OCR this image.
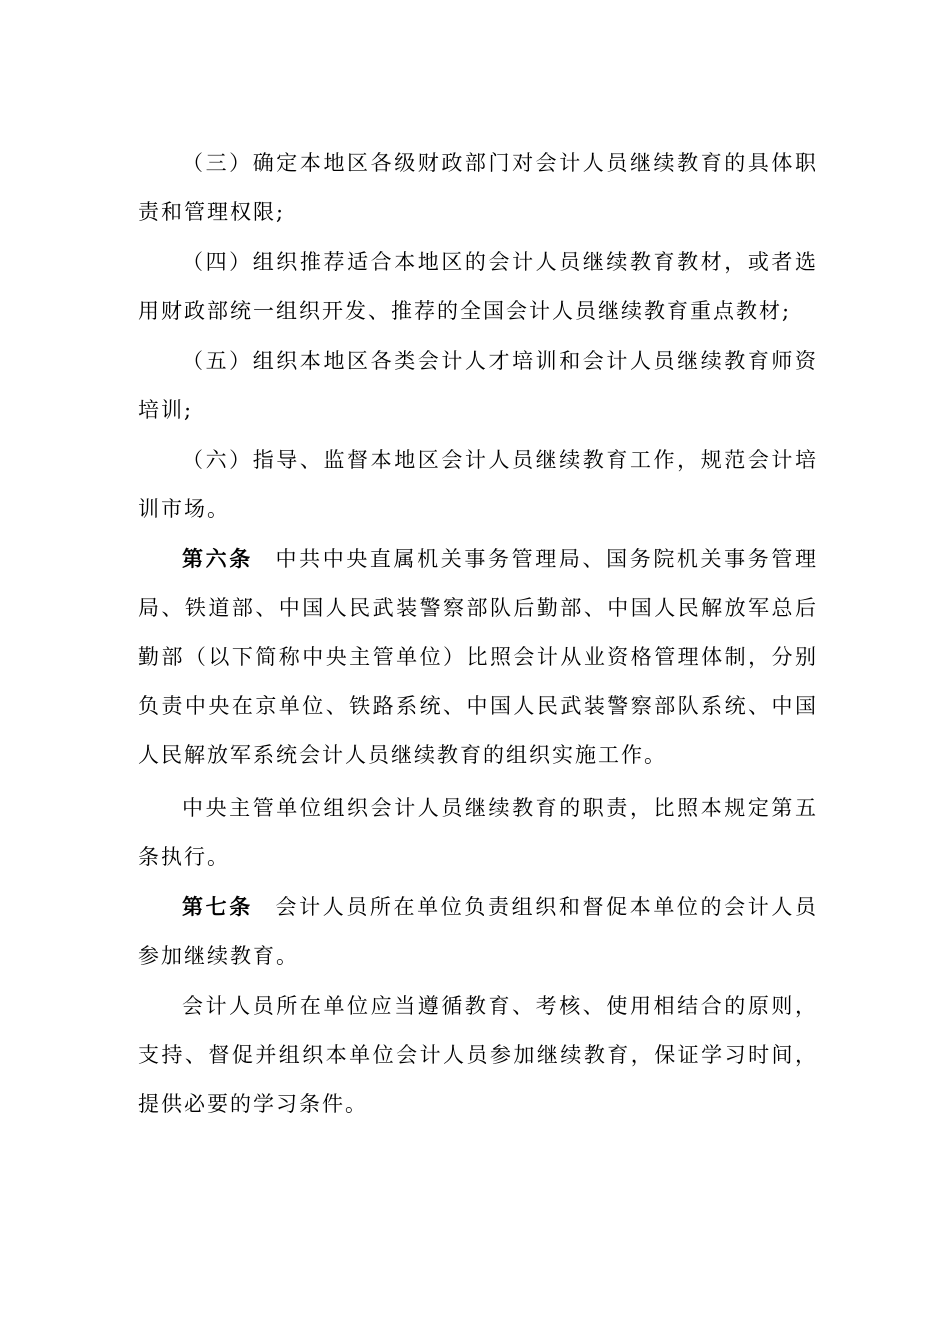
（三）确定本地区各级财政部门对会计人员继续教育的具体职责和管理权限;

（四）组织推荐适合本地区的会计人员继续教育教材，或者选用财政部统一组织开发、推荐的全国会计人员继续教育重点教材;

（五）组织本地区各类会计人才培训和会计人员继续教育师资培训;

（六）指导、监督本地区会计人员继续教育工作，规范会计培训市场。

第六条 中共中央直属机关事务管理局、国务院机关事务管理局、铁道部、中国人民武装警察部队后勤部、中国人民解放军总后勤部（以下简称中央主管单位）比照会计从业资格管理体制，分别负责中央在京单位、铁路系统、中国人民武装警察部队系统、中国人民解放军系统会计人员继续教育的组织实施工作。

中央主管单位组织会计人员继续教育的职责，比照本规定第五条执行。

第七条 会计人员所在单位负责组织和督促本单位的会计人员参加继续教育。

会计人员所在单位应当遵循教育、考核、使用相结合的原则，支持、督促并组织本单位会计人员参加继续教育，保证学习时间，提供必要的学习条件。
